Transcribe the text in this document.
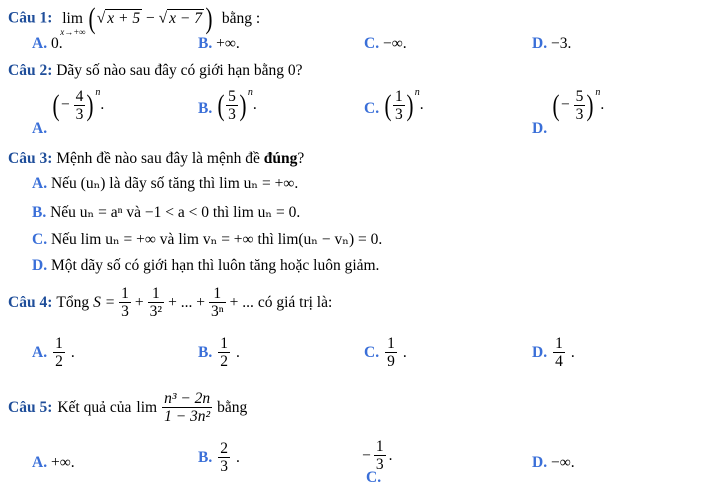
Câu 1: lim
x→+∞ (√ x + 5 − √ x − 7 ) bằng :
A. 0.	B. +∞.	C. −∞.	D. −3.
Câu 2: Dãy số nào sau đây có giới hạn bằng 0?
A. (− $\frac{4}{3}$ ) $^n$.	B. ( $\frac{5}{3}$ ) $^n$.	C. ( $\frac{1}{3}$ ) $^n$.
D. (− $\frac{5}{3}$ ) $^n$.
Câu 3: Mệnh đề nào sau đây là mệnh đề đúng?
A. Nếu (uₙ) là dãy số tăng thì lim uₙ = +∞.
B. Nếu uₙ = aⁿ và −1 < a < 0 thì lim uₙ = 0.
C. Nếu lim uₙ = +∞ và lim vₙ = +∞ thì lim(uₙ − vₙ) = 0.
D. Một dãy số có giới hạn thì luôn tăng hoặc luôn giảm.
Câu 4: Tổng $S = \frac{1}{3} + \frac{1}{\text{3²}}$ + ... + $\frac{1}{\text{3ⁿ}}$ + ... có giá trị là:
A. $\frac{1}{2}$ .	B. $\frac{1}{2}$ .	C. $\frac{1}{9}$ .	D. $\frac{1}{4}$ .
Câu 5: Kết quả của $\lim \frac{\text{n³ − 2n}}{\text{1 − 3n²}}$ bằng
A. +∞.	B. $\frac{2}{3}$ .
C.
− $\frac{1}{3}$ .	D. −∞.
